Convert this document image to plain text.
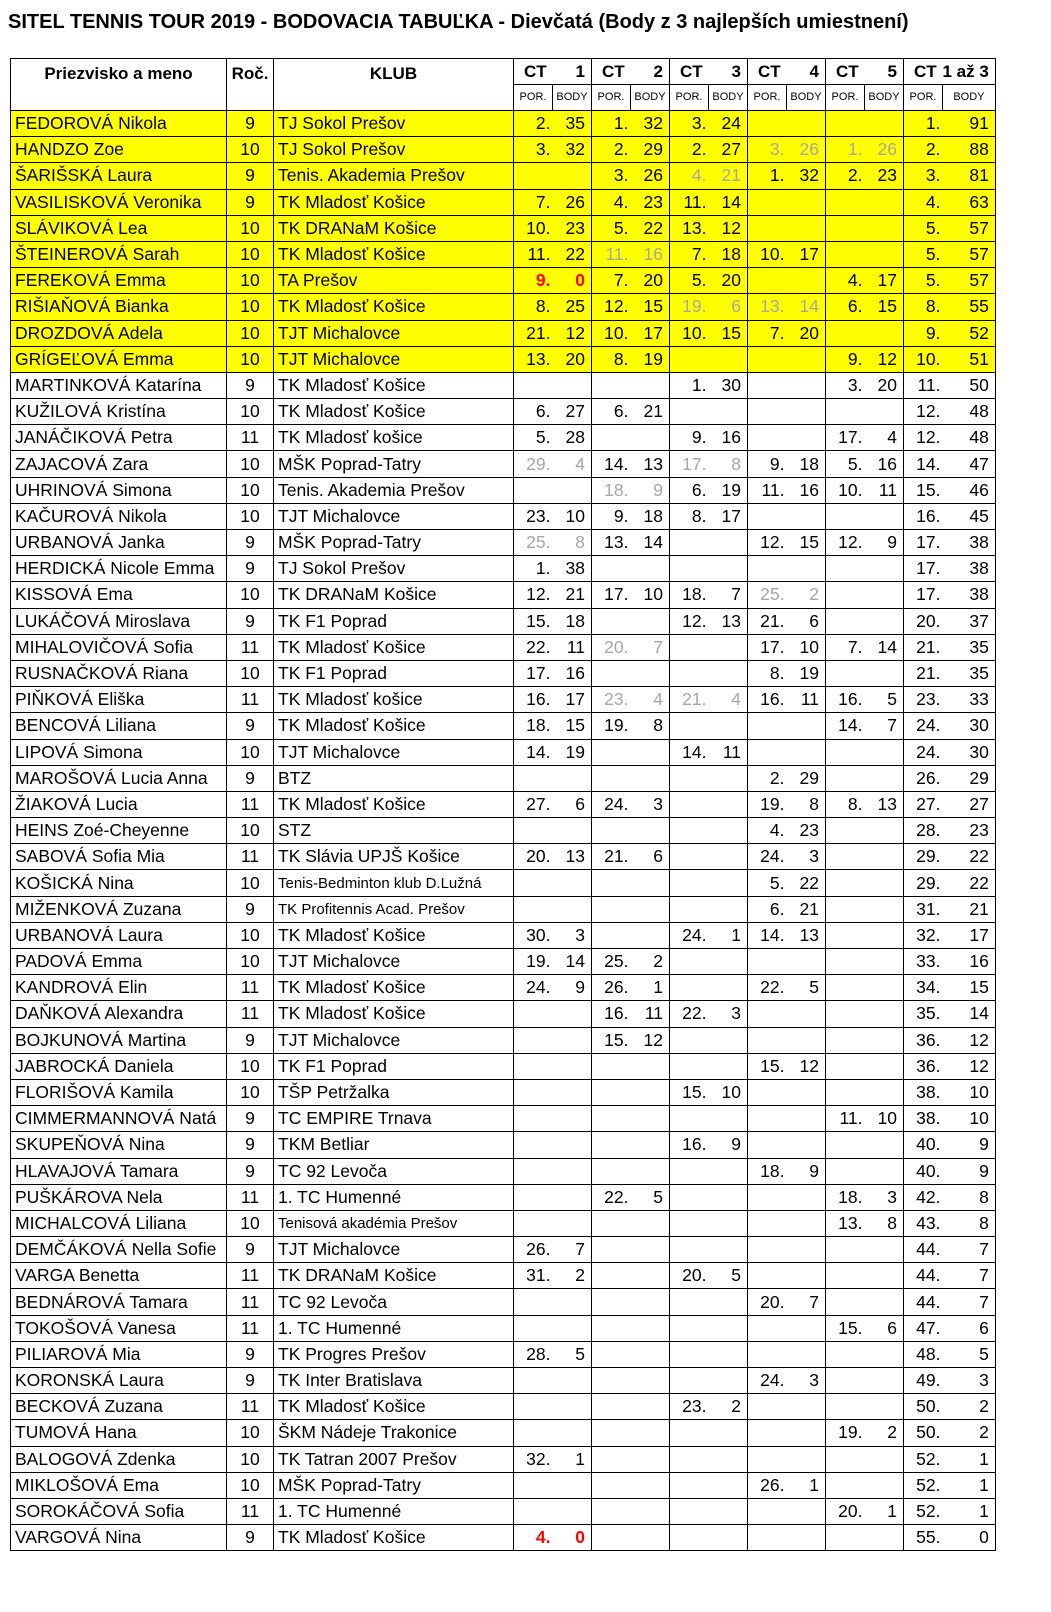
SITEL TENNIS TOUR 2019 - BODOVACIA TABUĽKA - Dievčatá (Body z 3 najlepších umiestnení)
Priezvisko a meno	Roč.	KLUB	CT	1	CT	2	CT	3	CT	4	CT	5	CT	1 až 3
			POR.	BODY	POR.	BODY	POR.	BODY	POR.	BODY	POR.	BODY	POR.	BODY
FEDOROVÁ Nikola	9	TJ Sokol Prešov	2.	35	1.	32	3.	24					1.	91
HANDZO Zoe	10	TJ Sokol Prešov	3.	32	2.	29	2.	27	3.	26	1.	26	2.	88
ŠARIŠSKÁ Laura	9	Tenis. Akademia Prešov			3.	26	4.	21	1.	32	2.	23	3.	81
VASILISKOVÁ Veronika	9	TK Mladosť Košice	7.	26	4.	23	11.	14					4.	63
SLÁVIKOVÁ Lea	10	TK DRANaM Košice	10.	23	5.	22	13.	12					5.	57
ŠTEINEROVÁ Sarah	10	TK Mladosť Košice	11.	22	11.	16	7.	18	10.	17			5.	57
FEREKOVÁ Emma	10	TA Prešov	9.	0	7.	20	5.	20			4.	17	5.	57
RIŠIAŇOVÁ Bianka	10	TK Mladosť Košice	8.	25	12.	15	19.	6	13.	14	6.	15	8.	55
DROZDOVÁ Adela	10	TJT Michalovce	21.	12	10.	17	10.	15	7.	20			9.	52
GRÍGEĽOVÁ Emma	10	TJT Michalovce	13.	20	8.	19					9.	12	10.	51
MARTINKOVÁ Katarína	9	TK Mladosť Košice					1.	30			3.	20	11.	50
KUŽILOVÁ Kristína	10	TK Mladosť Košice	6.	27	6.	21							12.	48
JANÁČIKOVÁ Petra	11	TK Mladosť košice	5.	28			9.	16			17.	4	12.	48
ZAJACOVÁ Zara	10	MŠK Poprad-Tatry	29.	4	14.	13	17.	8	9.	18	5.	16	14.	47
UHRINOVÁ Simona	10	Tenis. Akademia Prešov			18.	9	6.	19	11.	16	10.	11	15.	46
KAČUROVÁ Nikola	10	TJT Michalovce	23.	10	9.	18	8.	17					16.	45
URBANOVÁ Janka	9	MŠK Poprad-Tatry	25.	8	13.	14			12.	15	12.	9	17.	38
HERDICKÁ Nicole Emma	9	TJ Sokol Prešov	1.	38									17.	38
KISSOVÁ Ema	10	TK DRANaM Košice	12.	21	17.	10	18.	7	25.	2			17.	38
LUKÁČOVÁ Miroslava	9	TK F1 Poprad	15.	18			12.	13	21.	6			20.	37
MIHALOVIČOVÁ Sofia	11	TK Mladosť Košice	22.	11	20.	7			17.	10	7.	14	21.	35
RUSNAČKOVÁ Riana	10	TK F1 Poprad	17.	16					8.	19			21.	35
PIŇKOVÁ Eliška	11	TK Mladosť košice	16.	17	23.	4	21.	4	16.	11	16.	5	23.	33
BENCOVÁ Liliana	9	TK Mladosť Košice	18.	15	19.	8					14.	7	24.	30
LIPOVÁ Simona	10	TJT Michalovce	14.	19			14.	11					24.	30
MAROŠOVÁ Lucia Anna	9	BTZ							2.	29			26.	29
ŽIAKOVÁ Lucia	11	TK Mladosť Košice	27.	6	24.	3			19.	8	8.	13	27.	27
HEINS Zoé-Cheyenne	10	STZ							4.	23			28.	23
SABOVÁ Sofia Mia	11	TK Slávia UPJŠ Košice	20.	13	21.	6			24.	3			29.	22
KOŠICKÁ Nina	10	Tenis-Bedminton klub D.Lužná							5.	22			29.	22
MIŽENKOVÁ Zuzana	9	TK Profitennis Acad. Prešov							6.	21			31.	21
URBANOVÁ Laura	10	TK Mladosť Košice	30.	3			24.	1	14.	13			32.	17
PADOVÁ Emma	10	TJT Michalovce	19.	14	25.	2							33.	16
KANDROVÁ Elin	11	TK Mladosť Košice	24.	9	26.	1			22.	5			34.	15
DAŇKOVÁ Alexandra	11	TK Mladosť Košice			16.	11	22.	3					35.	14
BOJKUNOVÁ Martina	9	TJT Michalovce			15.	12							36.	12
JABROCKÁ Daniela	10	TK F1 Poprad							15.	12			36.	12
FLORIŠOVÁ Kamila	10	TŠP Petržalka					15.	10					38.	10
CIMMERMANNOVÁ Natá	9	TC EMPIRE Trnava									11.	10	38.	10
SKUPEŇOVÁ Nina	9	TKM Betliar					16.	9					40.	9
HLAVAJOVÁ Tamara	9	TC 92 Levoča							18.	9			40.	9
PUŠKÁROVA Nela	11	1. TC Humenné			22.	5					18.	3	42.	8
MICHALCOVÁ Liliana	10	Tenisová akadémia Prešov									13.	8	43.	8
DEMČÁKOVÁ Nella Sofie	9	TJT Michalovce	26.	7									44.	7
VARGA Benetta	11	TK DRANaM Košice	31.	2			20.	5					44.	7
BEDNÁROVÁ Tamara	11	TC 92 Levoča							20.	7			44.	7
TOKOŠOVÁ Vanesa	11	1. TC Humenné									15.	6	47.	6
PILIAROVÁ Mia	9	TK Progres Prešov	28.	5									48.	5
KORONSKÁ Laura	9	TK Inter Bratislava							24.	3			49.	3
BECKOVÁ Zuzana	11	TK Mladosť Košice					23.	2					50.	2
TUMOVÁ Hana	10	ŠKM Nádeje Trakonice									19.	2	50.	2
BALOGOVÁ Zdenka	10	TK Tatran 2007 Prešov	32.	1									52.	1
MIKLOŠOVÁ Ema	10	MŠK Poprad-Tatry							26.	1			52.	1
SOROKÁČOVÁ Sofia	11	1. TC Humenné									20.	1	52.	1
VARGOVÁ Nina	9	TK Mladosť Košice	4.	0									55.	0
